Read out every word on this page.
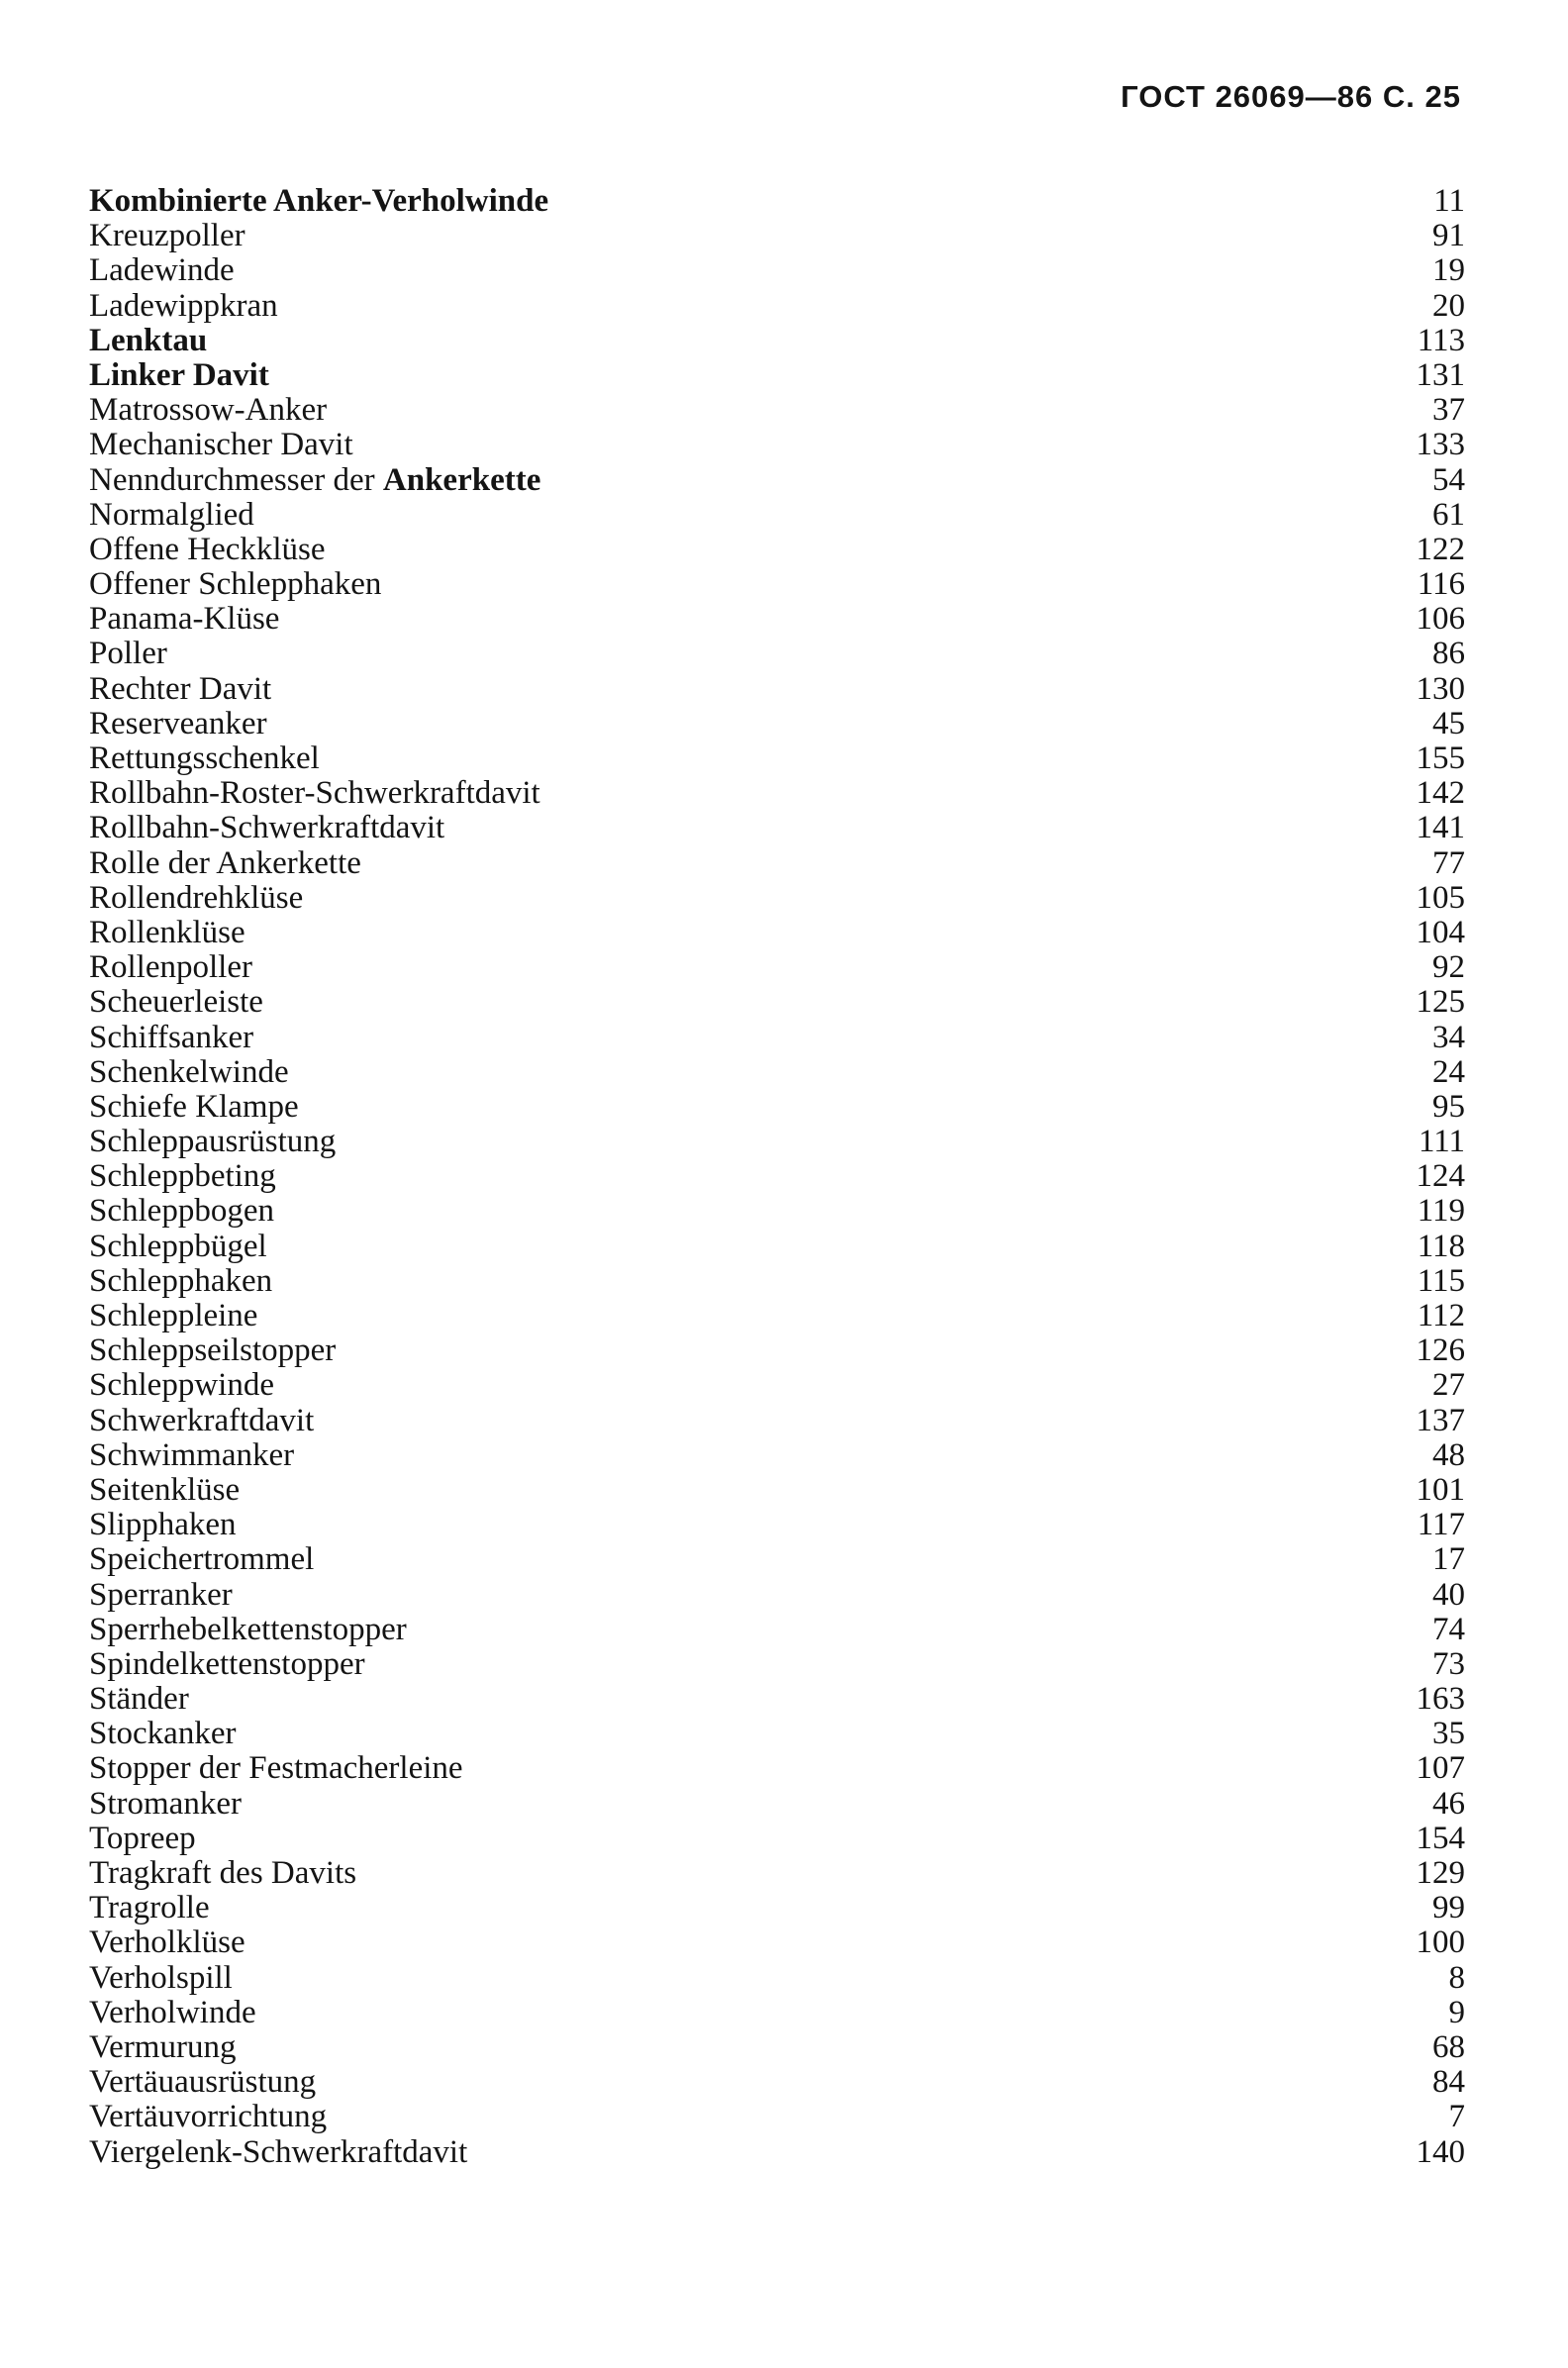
ГОСТ 26069—86 С. 25
Kombinierte Anker-Verholwinde	11
Kreuzpoller	91
Ladewinde	19
Ladewippkran	20
Lenktau	113
Linker Davit	131
Matrossow-Anker	37
Mechanischer Davit	133
Nenndurchmesser der Ankerkette	54
Normalglied	61
Offene Heckklüse	122
Offener Schlepphaken	116
Panama-Klüse	106
Poller	86
Rechter Davit	130
Reserveanker	45
Rettungsschenkel	155
Rollbahn-Roster-Schwerkraftdavit	142
Rollbahn-Schwerkraftdavit	141
Rolle der Ankerkette	77
Rollendrehklüse	105
Rollenklüse	104
Rollenpoller	92
Scheuerleiste	125
Schiffsanker	34
Schenkelwinde	24
Schiefe Klampe	95
Schleppausrüstung	111
Schleppbeting	124
Schleppbogen	119
Schleppbügel	118
Schlepphaken	115
Schleppleine	112
Schleppseilstopper	126
Schleppwinde	27
Schwerkraftdavit	137
Schwimmanker	48
Seitenklüse	101
Slipphaken	117
Speichertrommel	17
Sperranker	40
Sperrhebelkettenstopper	74
Spindelkettenstopper	73
Ständer	163
Stockanker	35
Stopper der Festmacherleine	107
Stromanker	46
Topreep	154
Tragkraft des Davits	129
Tragrolle	99
Verholklüse	100
Verholspill	8
Verholwinde	9
Vermurung	68
Vertäuausrüstung	84
Vertäuvorrichtung	7
Viergelenk-Schwerkraftdavit	140
